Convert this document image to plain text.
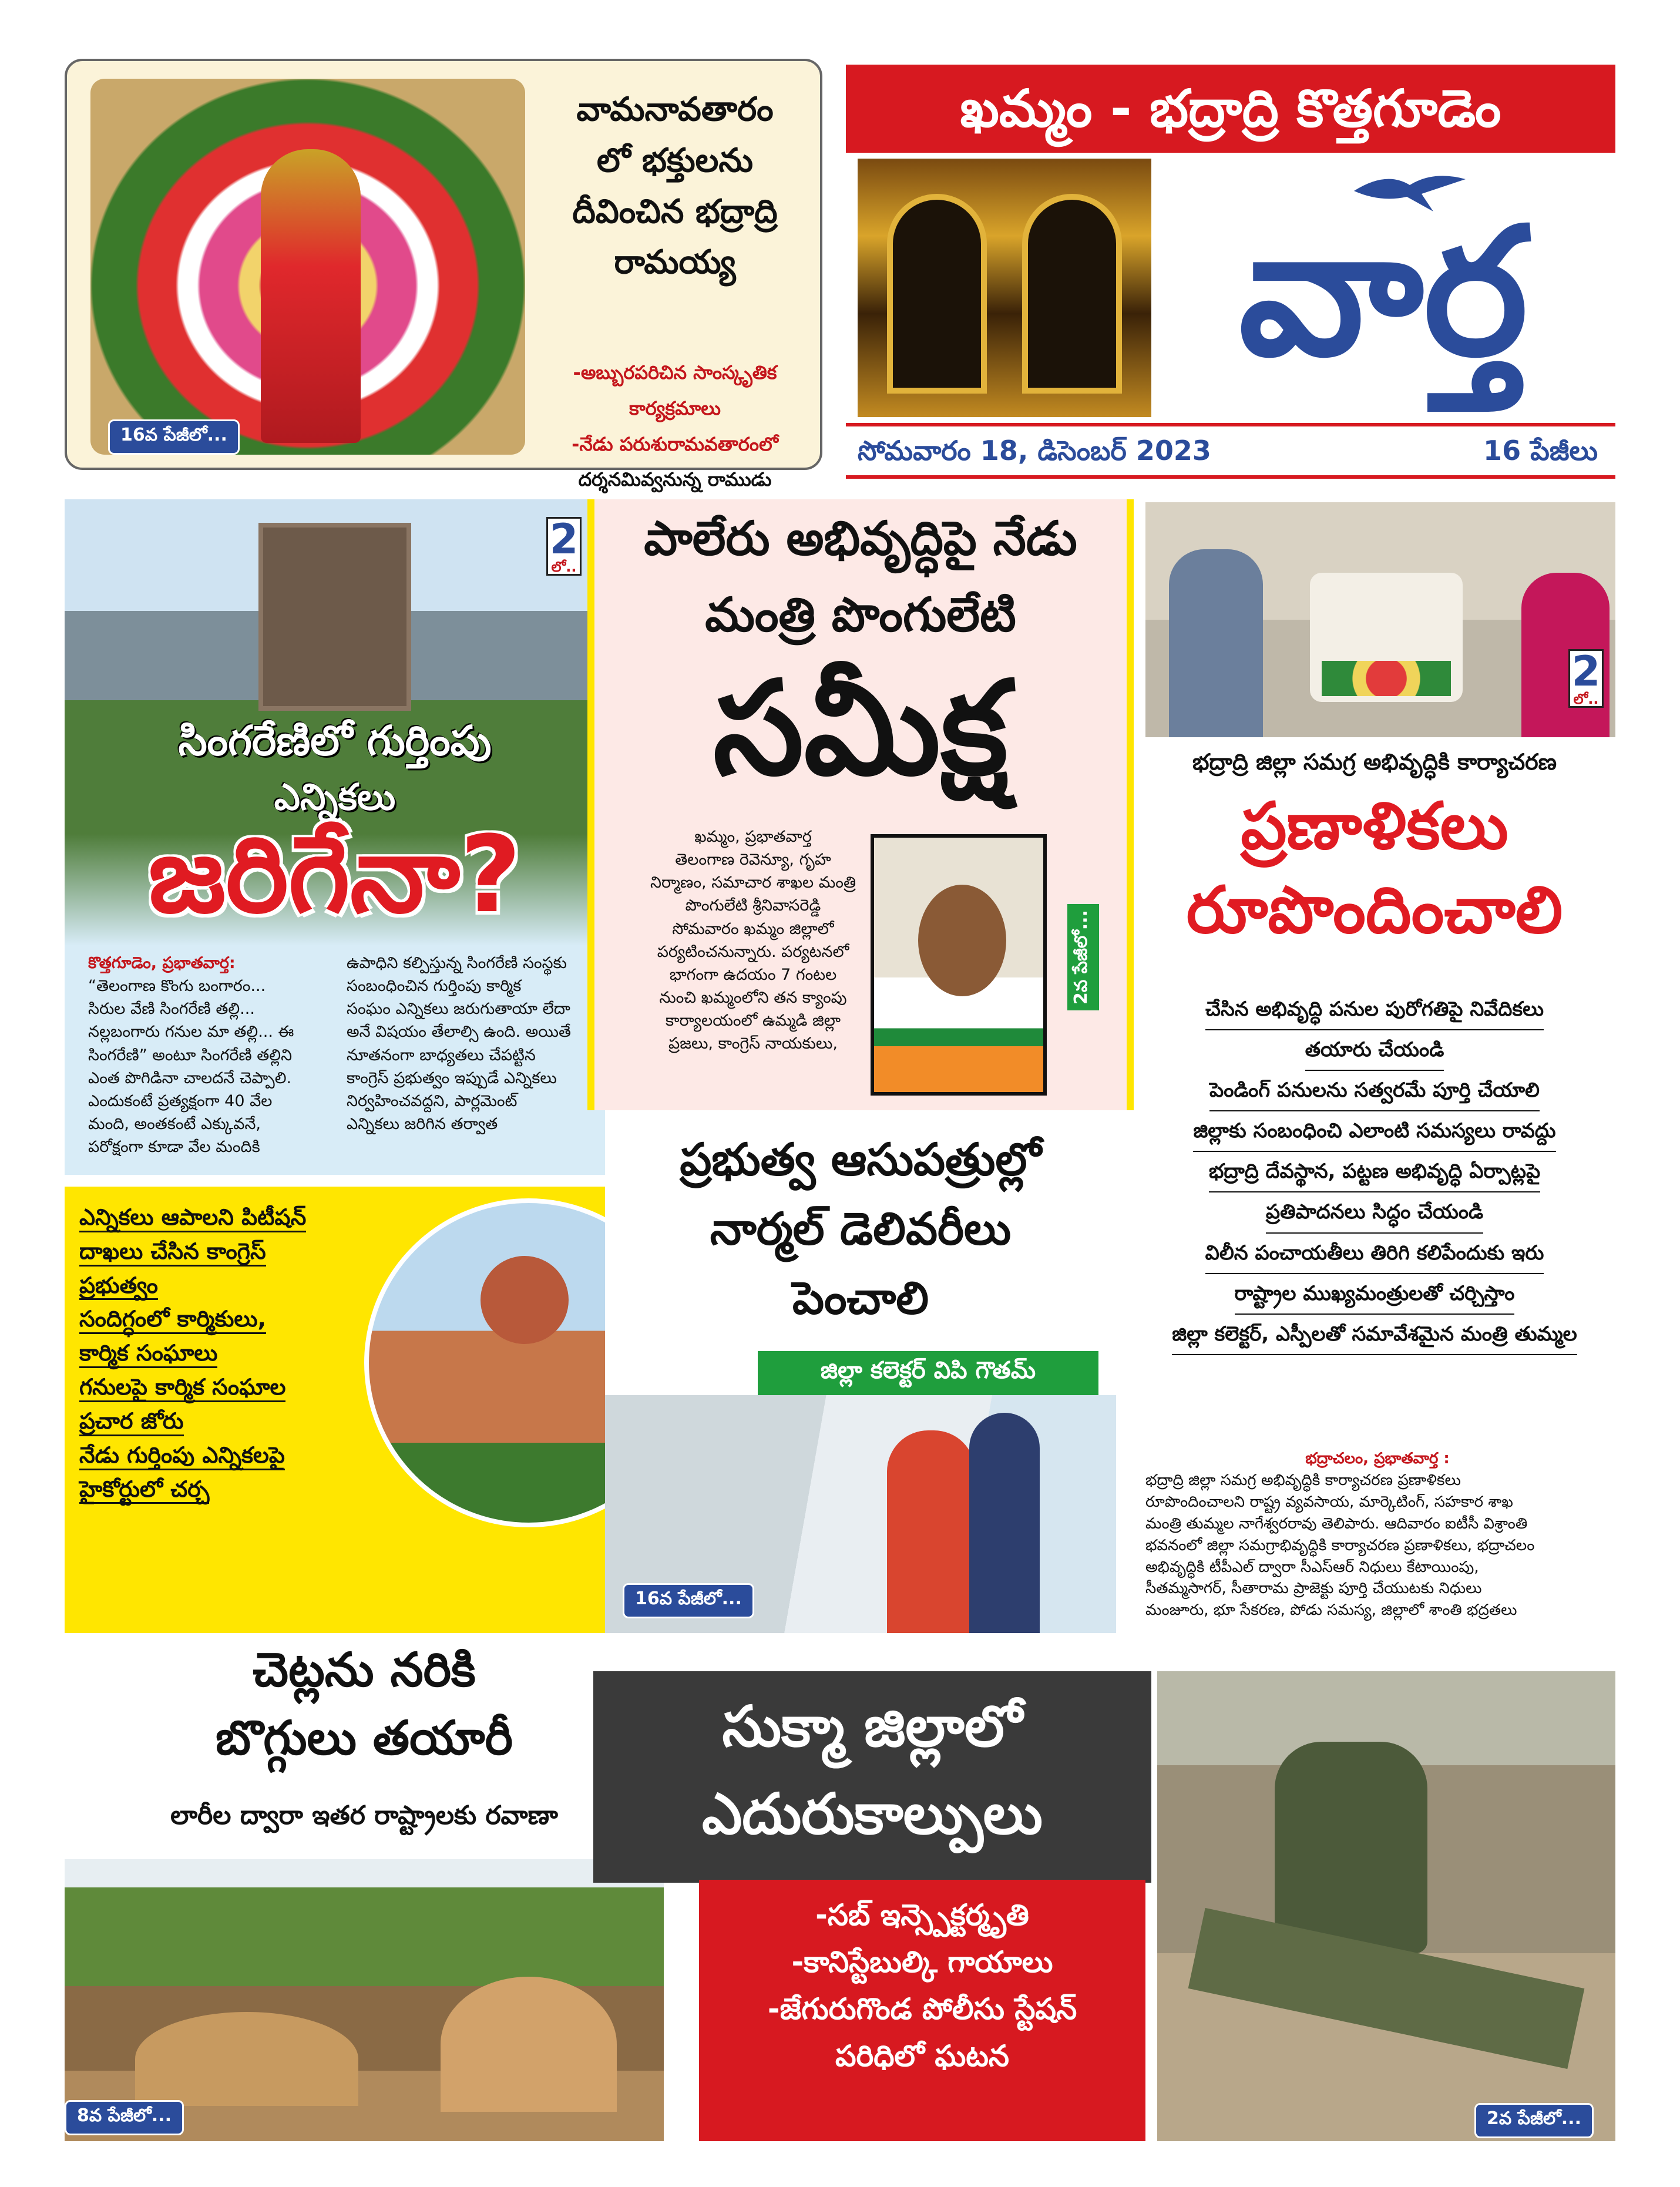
16వ పేజీలో...
వామనావతారం
లో భక్తులను
దీవించిన భద్రాద్రి
రామయ్య
-అబ్బురపరిచిన సాంస్కృతిక కార్యక్రమాలు
-నేడు పరుశురామవతారంలో
దర్శనమివ్వనున్న రాముడు
ఖమ్మం - భద్రాద్రి కొత్తగూడెం
వార్త
సోమవారం 18, డిసెంబర్ 2023	16 పేజీలు
2
లో..
సింగరేణిలో గుర్తింపు
ఎన్నికలు
జరిగేనా?

కొత్తగూడెం, ప్రభాతవార్త:

“తెలంగాణ కొంగు బంగారం...

సిరుల వేణి సింగరేణి తల్లి...

నల్లబంగారు గనుల మా తల్లి... ఈ

సింగరేణి” అంటూ సింగరేణి తల్లిని

ఎంత పొగిడినా చాలదనే చెప్పాలి.

ఎందుకంటే ప్రత్యక్షంగా 40 వేల

మంది, అంతకంటే ఎక్కువనే,

పరోక్షంగా కూడా వేల మందికి

ఉపాధిని కల్పిస్తున్న సింగరేణి సంస్థకు

సంబంధించిన గుర్తింపు కార్మిక

సంఘం ఎన్నికలు జరుగుతాయా లేదా

అనే విషయం తేలాల్సి ఉంది. అయితే

నూతనంగా బాధ్యతలు చేపట్టిన

కాంగ్రెస్ ప్రభుత్వం ఇప్పుడే ఎన్నికలు

నిర్వహించవద్దని, పార్లమెంట్

ఎన్నికలు జరిగిన తర్వాత

ఎన్నికలు ఆపాలని పిటీషన్
దాఖలు చేసిన కాంగ్రెస్
ప్రభుత్వం
సందిగ్ధంలో కార్మికులు,
కార్మిక సంఘాలు
గనులపై కార్మిక సంఘాల
ప్రచార జోరు
నేడు గుర్తింపు ఎన్నికలపై
హైకోర్టులో చర్చ
పాలేరు అభివృద్ధిపై నేడు
మంత్రి పొంగులేటి
సమీక్ష

ఖమ్మం, ప్రభాతవార్త

తెలంగాణ రెవెన్యూ, గృహ

నిర్మాణం, సమాచార శాఖల మంత్రి

పొంగులేటి శ్రీనివాసరెడ్డి

సోమవారం ఖమ్మం జిల్లాలో

పర్యటించనున్నారు. పర్యటనలో

భాగంగా ఉదయం 7 గంటల

నుంచి ఖమ్మంలోని తన క్యాంపు

కార్యాలయంలో ఉమ్మడి జిల్లా

ప్రజలు, కాంగ్రెస్ నాయకులు,

2వ పేజీలో...
ప్రభుత్వ ఆసుపత్రుల్లో
నార్మల్ డెలివరీలు
పెంచాలి
జిల్లా కలెక్టర్ విపి గౌతమ్
16వ పేజీలో...
2
లో..
భద్రాద్రి జిల్లా సమగ్ర అభివృద్ధికి కార్యాచరణ
ప్రణాళికలు
రూపొందించాలి
చేసిన అభివృద్ధి పనుల పురోగతిపై నివేదికలు
తయారు చేయండి
పెండింగ్ పనులను సత్వరమే పూర్తి చేయాలి
జిల్లాకు సంబంధించి ఎలాంటి సమస్యలు రావద్దు
భద్రాద్రి దేవస్థాన, పట్టణ అభివృద్ధి ఏర్పాట్లపై
ప్రతిపాదనలు సిద్ధం చేయండి
విలీన పంచాయతీలు తిరిగి కలిపేందుకు ఇరు
రాష్ట్రాల ముఖ్యమంత్రులతో చర్చిస్తాం
జిల్లా కలెక్టర్, ఎస్పీలతో సమావేశమైన మంత్రి తుమ్మల

భద్రాచలం, ప్రభాతవార్త :

భద్రాద్రి జిల్లా సమగ్ర అభివృద్ధికి కార్యాచరణ ప్రణాళికలు

రూపొందించాలని రాష్ట్ర వ్యవసాయ, మార్కెటింగ్, సహకార శాఖ

మంత్రి తుమ్మల నాగేశ్వరరావు తెలిపారు. ఆదివారం ఐటీసీ విశ్రాంతి

భవనంలో జిల్లా సమగ్రాభివృద్ధికి కార్యాచరణ ప్రణాళికలు, భద్రాచలం

అభివృద్ధికి టీపీఎల్ ద్వారా సీఎస్ఆర్ నిధులు కేటాయింపు,

సీతమ్మసాగర్, సీతారామ ప్రాజెక్టు పూర్తి చేయుటకు నిధులు

మంజూరు, భూ సేకరణ, పోడు సమస్య, జిల్లాలో శాంతి భద్రతలు

చెట్లను నరికి
బొగ్గులు తయారీ
లారీల ద్వారా ఇతర రాష్ట్రాలకు రవాణా
8వ పేజీలో...
సుక్మా జిల్లాలో
ఎదురుకాల్పులు
-సబ్ ఇన్స్పెక్టర్మృతి
-కానిస్టేబుల్కి గాయాలు
-జేగురుగొండ పోలీసు స్టేషన్
పరిధిలో ఘటన
2వ పేజీలో...
